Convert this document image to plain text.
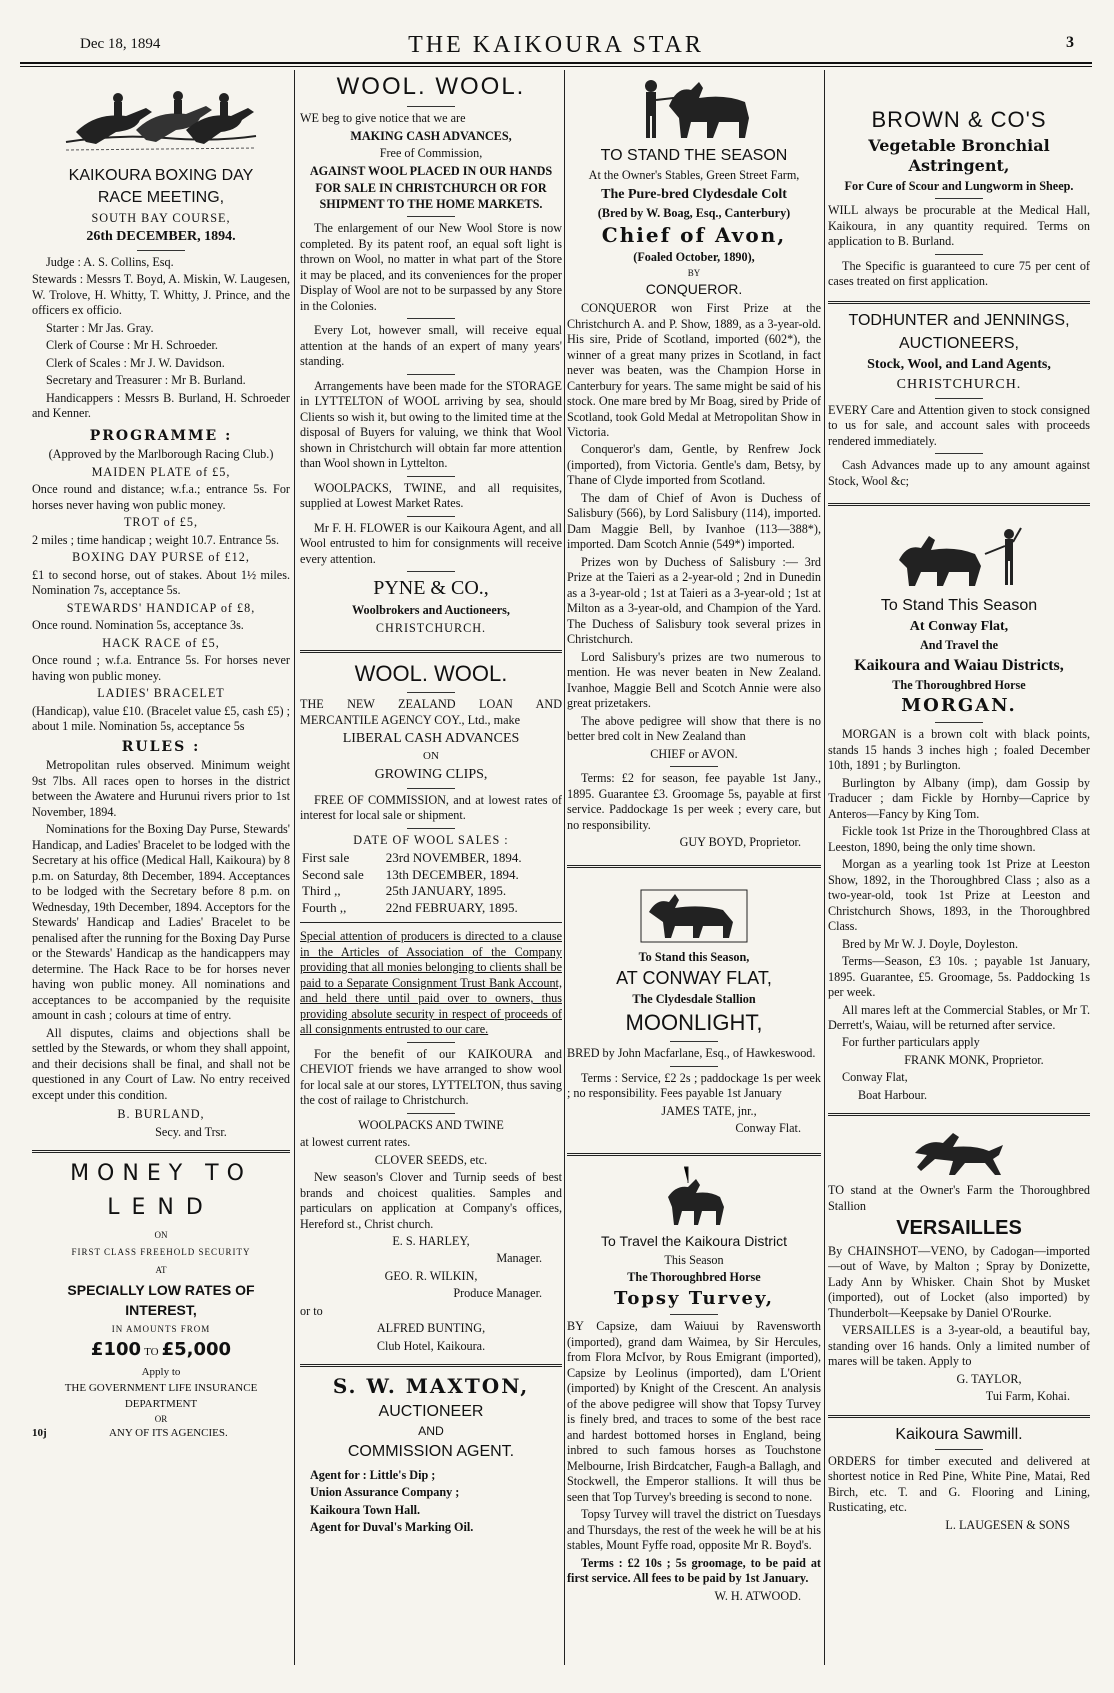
Dec 18, 1894	THE KAIKOURA STAR	3

KAIKOURA BOXING DAY

RACE MEETING,

SOUTH BAY COURSE,

26th DECEMBER, 1894.

Judge : A. S. Collins, Esq.

Stewards : Messrs T. Boyd, A. Miskin, W. Laugesen, W. Trolove, H. Whitty, T. Whitty, J. Prince, and the officers ex officio.

Starter : Mr Jas. Gray.

Clerk of Course : Mr H. Schroeder.

Clerk of Scales : Mr J. W. Davidson.

Secretary and Treasurer : Mr B. Burland.

Handicappers : Messrs B. Burland, H. Schroeder and Kenner.

PROGRAMME :

(Approved by the Marlborough Racing Club.)

MAIDEN PLATE of £5,

Once round and distance; w.f.a.; entrance 5s. For horses never having won public money.

TROT of £5,

2 miles ; time handicap ; weight 10.7. Entrance 5s.

BOXING DAY PURSE of £12,

£1 to second horse, out of stakes. About 1½ miles. Nomination 7s, acceptance 5s.

STEWARDS' HANDICAP of £8,

Once round. Nomination 5s, acceptance 3s.

HACK RACE of £5,

Once round ; w.f.a. Entrance 5s. For horses never having won public money.

LADIES' BRACELET

(Handicap), value £10. (Bracelet value £5, cash £5) ; about 1 mile. Nomination 5s, acceptance 5s

RULES :

Metropolitan rules observed. Minimum weight 9st 7lbs. All races open to horses in the district between the Awatere and Hurunui rivers prior to 1st November, 1894.

Nominations for the Boxing Day Purse, Stewards' Handicap, and Ladies' Bracelet to be lodged with the Secretary at his office (Medical Hall, Kaikoura) by 8 p.m. on Saturday, 8th December, 1894. Acceptances to be lodged with the Secretary before 8 p.m. on Wednesday, 19th December, 1894. Acceptors for the Stewards' Handicap and Ladies' Bracelet to be penalised after the running for the Boxing Day Purse or the Stewards' Handicap as the handicappers may determine. The Hack Race to be for horses never having won public money. All nominations and acceptances to be accompanied by the requisite amount in cash ; colours at time of entry.

All disputes, claims and objections shall be settled by the Stewards, or whom they shall appoint, and their decisions shall be final, and shall not be questioned in any Court of Law. No entry received except under this condition.

B. BURLAND,

Secy. and Trsr.

MONEY TO

LEND

ON

FIRST CLASS FREEHOLD SECURITY

AT

SPECIALLY LOW RATES OF

INTEREST,

IN AMOUNTS FROM

£100 TO £5,000

Apply to

THE GOVERNMENT LIFE INSURANCE

DEPARTMENT

OR

10j	ANY OF ITS AGENCIES.

WOOL. WOOL.

WE beg to give notice that we are

MAKING CASH ADVANCES,

Free of Commission,

AGAINST WOOL PLACED IN OUR HANDS

FOR SALE IN CHRISTCHURCH OR FOR SHIPMENT TO THE HOME MARKETS.

The enlargement of our New Wool Store is now completed. By its patent roof, an equal soft light is thrown on Wool, no matter in what part of the Store it may be placed, and its conveniences for the proper Display of Wool are not to be surpassed by any Store in the Colonies.

Every Lot, however small, will receive equal attention at the hands of an expert of many years' standing.

Arrangements have been made for the STORAGE in LYTTELTON of WOOL arriving by sea, should Clients so wish it, but owing to the limited time at the disposal of Buyers for valuing, we think that Wool shown in Christchurch will obtain far more attention than Wool shown in Lyttelton.

WOOLPACKS, TWINE, and all requisites, supplied at Lowest Market Rates.

Mr F. H. FLOWER is our Kaikoura Agent, and all Wool entrusted to him for consignments will receive every attention.

PYNE & CO.,

Woolbrokers and Auctioneers,

CHRISTCHURCH.

WOOL. WOOL.

THE NEW ZEALAND LOAN AND MERCANTILE AGENCY COY., Ltd., make

LIBERAL CASH ADVANCES

ON

GROWING CLIPS,

FREE OF COMMISSION, and at lowest rates of interest for local sale or shipment.

DATE OF WOOL SALES :

First sale	23rd NOVEMBER, 1894.
Second sale	13th DECEMBER, 1894.
Third ,,	25th JANUARY, 1895.
Fourth ,,	22nd FEBRUARY, 1895.

Special attention of producers is directed to a clause in the Articles of Association of the Company providing that all monies belonging to clients shall be paid to a Separate Consignment Trust Bank Account, and held there until paid over to owners, thus providing absolute security in respect of proceeds of all consignments entrusted to our care.

For the benefit of our KAIKOURA and CHEVIOT friends we have arranged to show wool for local sale at our stores, LYTTELTON, thus saving the cost of railage to Christchurch.

WOOLPACKS AND TWINE

at lowest current rates.

CLOVER SEEDS, etc.

New season's Clover and Turnip seeds of best brands and choicest qualities. Samples and particulars on application at Company's offices, Hereford st., Christ church.

E. S. HARLEY,

Manager.

GEO. R. WILKIN,

Produce Manager.

or to

ALFRED BUNTING,

Club Hotel, Kaikoura.

S. W. MAXTON,

AUCTIONEER

AND

COMMISSION AGENT.

Agent for : Little's Dip ;

Union Assurance Company ;

Kaikoura Town Hall.

Agent for Duval's Marking Oil.

TO STAND THE SEASON

At the Owner's Stables, Green Street Farm,

The Pure-bred Clydesdale Colt

(Bred by W. Boag, Esq., Canterbury)

Chief of Avon,

(Foaled October, 1890),

BY

CONQUEROR.

CONQUEROR won First Prize at the Christchurch A. and P. Show, 1889, as a 3-year-old. His sire, Pride of Scotland, imported (602*), the winner of a great many prizes in Scotland, in fact never was beaten, was the Champion Horse in Canterbury for years. The same might be said of his stock. One mare bred by Mr Boag, sired by Pride of Scotland, took Gold Medal at Metropolitan Show in Victoria.

Conqueror's dam, Gentle, by Renfrew Jock (imported), from Victoria. Gentle's dam, Betsy, by Thane of Clyde imported from Scotland.

The dam of Chief of Avon is Duchess of Salisbury (566), by Lord Salisbury (114), imported. Dam Maggie Bell, by Ivanhoe (113—388*), imported. Dam Scotch Annie (549*) imported.

Prizes won by Duchess of Salisbury :— 3rd Prize at the Taieri as a 2-year-old ; 2nd in Dunedin as a 3-year-old ; 1st at Taieri as a 3-year-old ; 1st at Milton as a 3-year-old, and Champion of the Yard. The Duchess of Salisbury took several prizes in Christchurch.

Lord Salisbury's prizes are two numerous to mention. He was never beaten in New Zealand. Ivanhoe, Maggie Bell and Scotch Annie were also great prizetakers.

The above pedigree will show that there is no better bred colt in New Zealand than

CHIEF or AVON.

Terms: £2 for season, fee payable 1st Jany., 1895. Guarantee £3. Groomage 5s, payable at first service. Paddockage 1s per week ; every care, but no responsibility.

GUY BOYD, Proprietor.

To Stand this Season,

AT CONWAY FLAT,

The Clydesdale Stallion

MOONLIGHT,

BRED by John Macfarlane, Esq., of Hawkeswood.

Terms : Service, £2 2s ; paddockage 1s per week ; no responsibility. Fees payable 1st January

JAMES TATE, jnr.,

Conway Flat.

To Travel the Kaikoura District

This Season

The Thoroughbred Horse

Topsy Turvey,

BY Capsize, dam Waiuui by Ravensworth (imported), grand dam Waimea, by Sir Hercules, from Flora McIvor, by Rous Emigrant (imported), Capsize by Leolinus (imported), dam L'Orient (imported) by Knight of the Crescent. An analysis of the above pedigree will show that Topsy Turvey is finely bred, and traces to some of the best race and hardest bottomed horses in England, being inbred to such famous horses as Touchstone Melbourne, Irish Birdcatcher, Faugh-a Ballagh, and Stockwell, the Emperor stallions. It will thus be seen that Top Turvey's breeding is second to none.

Topsy Turvey will travel the district on Tuesdays and Thursdays, the rest of the week he will be at his stables, Mount Fyffe road, opposite Mr R. Boyd's.

Terms : £2 10s ; 5s groomage, to be paid at first service. All fees to be paid by 1st January.

W. H. ATWOOD.

BROWN & CO'S

Vegetable Bronchial Astringent,

For Cure of Scour and Lungworm in Sheep.

WILL always be procurable at the Medical Hall, Kaikoura, in any quantity required. Terms on application to B. Burland.

The Specific is guaranteed to cure 75 per cent of cases treated on first application.

TODHUNTER and JENNINGS,

AUCTIONEERS,

Stock, Wool, and Land Agents,

CHRISTCHURCH.

EVERY Care and Attention given to stock consigned to us for sale, and account sales with proceeds rendered immediately.

Cash Advances made up to any amount against Stock, Wool &c;

To Stand This Season

At Conway Flat,

And Travel the

Kaikoura and Waiau Districts,

The Thoroughbred Horse

MORGAN.

MORGAN is a brown colt with black points, stands 15 hands 3 inches high ; foaled December 10th, 1891 ; by Burlington.

Burlington by Albany (imp), dam Gossip by Traducer ; dam Fickle by Hornby—Caprice by Anteros—Fancy by King Tom.

Fickle took 1st Prize in the Thoroughbred Class at Leeston, 1890, being the only time shown.

Morgan as a yearling took 1st Prize at Leeston Show, 1892, in the Thoroughbred Class ; also as a two-year-old, took 1st Prize at Leeston and Christchurch Shows, 1893, in the Thoroughbred Class.

Bred by Mr W. J. Doyle, Doyleston.

Terms—Season, £3 10s. ; payable 1st January, 1895. Guarantee, £5. Groomage, 5s. Paddocking 1s per week.

All mares left at the Commercial Stables, or Mr T. Derrett's, Waiau, will be returned after service.

For further particulars apply

FRANK MONK, Proprietor.

Conway Flat,

Boat Harbour.

TO stand at the Owner's Farm the Thoroughbred Stallion

VERSAILLES

By CHAINSHOT—VENO, by Cadogan—imported—out of Wave, by Malton ; Spray by Donizette, Lady Ann by Whisker. Chain Shot by Musket (imported), out of Locket (also imported) by Thunderbolt—Keepsake by Daniel O'Rourke.

VERSAILLES is a 3-year-old, a beautiful bay, standing over 16 hands. Only a limited number of mares will be taken. Apply to

G. TAYLOR,

Tui Farm, Kohai.

Kaikoura Sawmill.

ORDERS for timber executed and delivered at shortest notice in Red Pine, White Pine, Matai, Red Birch, etc. T. and G. Flooring and Lining, Rusticating, etc.

L. LAUGESEN & SONS
